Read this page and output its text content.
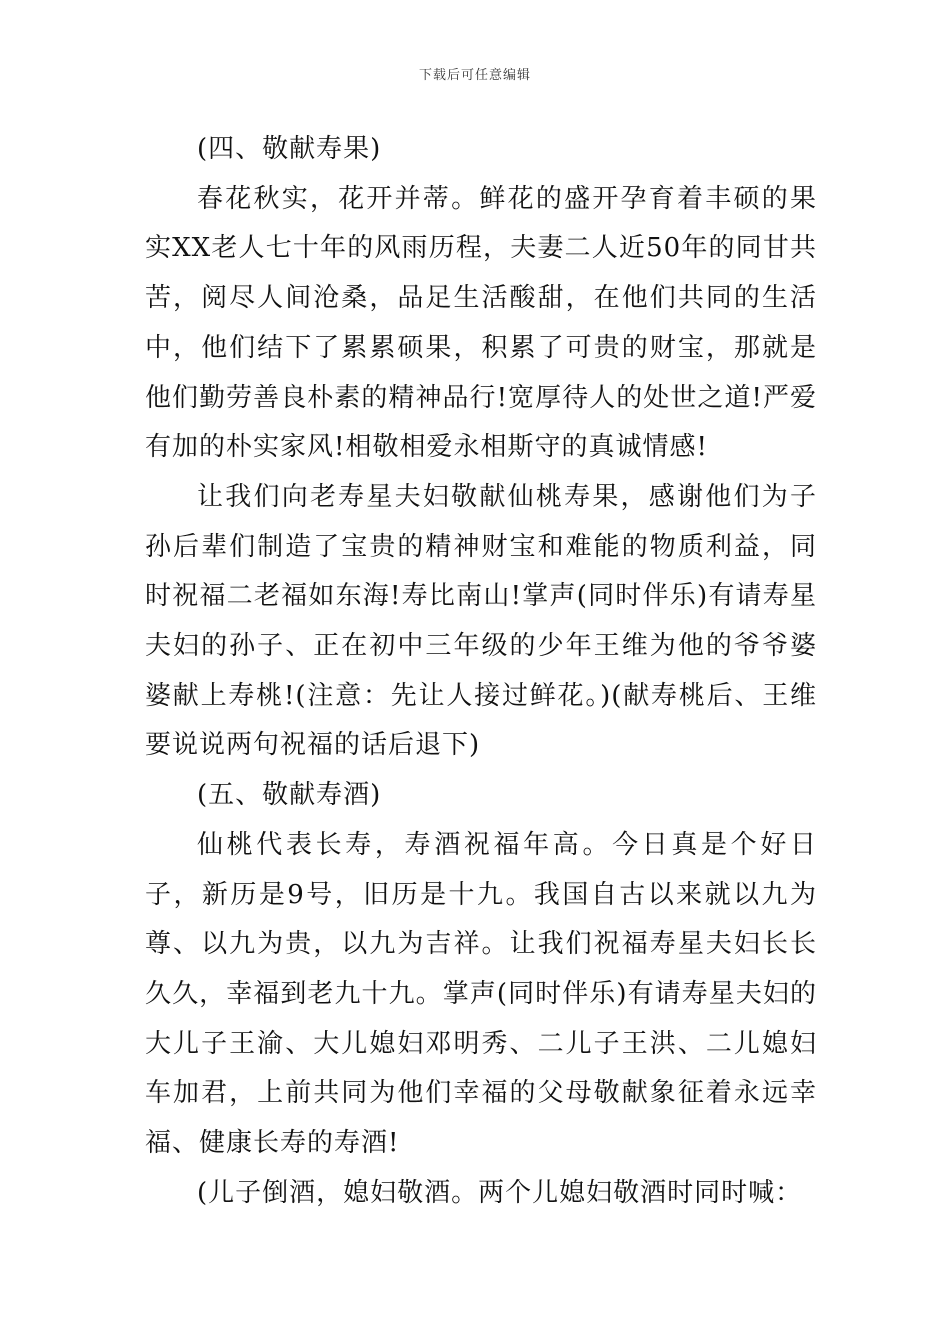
下载后可任意编辑

(四、敬献寿果)

春花秋实，花开并蒂。鲜花的盛开孕育着丰硕的果实XX老人七十年的风雨历程，夫妻二人近50年的同甘共苦，阅尽人间沧桑，品足生活酸甜，在他们共同的生活中，他们结下了累累硕果，积累了可贵的财宝，那就是他们勤劳善良朴素的精神品行!宽厚待人的处世之道!严爱有加的朴实家风!相敬相爱永相斯守的真诚情感!

让我们向老寿星夫妇敬献仙桃寿果，感谢他们为子孙后辈们制造了宝贵的精神财宝和难能的物质利益，同时祝福二老福如东海!寿比南山!掌声(同时伴乐)有请寿星夫妇的孙子、正在初中三年级的少年王维为他的爷爷婆婆献上寿桃!(注意：先让人接过鲜花。)(献寿桃后、王维要说说两句祝福的话后退下)

(五、敬献寿酒)

仙桃代表长寿，寿酒祝福年高。今日真是个好日子，新历是9号，旧历是十九。我国自古以来就以九为尊、以九为贵，以九为吉祥。让我们祝福寿星夫妇长长久久，幸福到老九十九。掌声(同时伴乐)有请寿星夫妇的大儿子王渝、大儿媳妇邓明秀、二儿子王洪、二儿媳妇车加君，上前共同为他们幸福的父母敬献象征着永远幸福、健康长寿的寿酒!

(儿子倒酒，媳妇敬酒。两个儿媳妇敬酒时同时喊：
